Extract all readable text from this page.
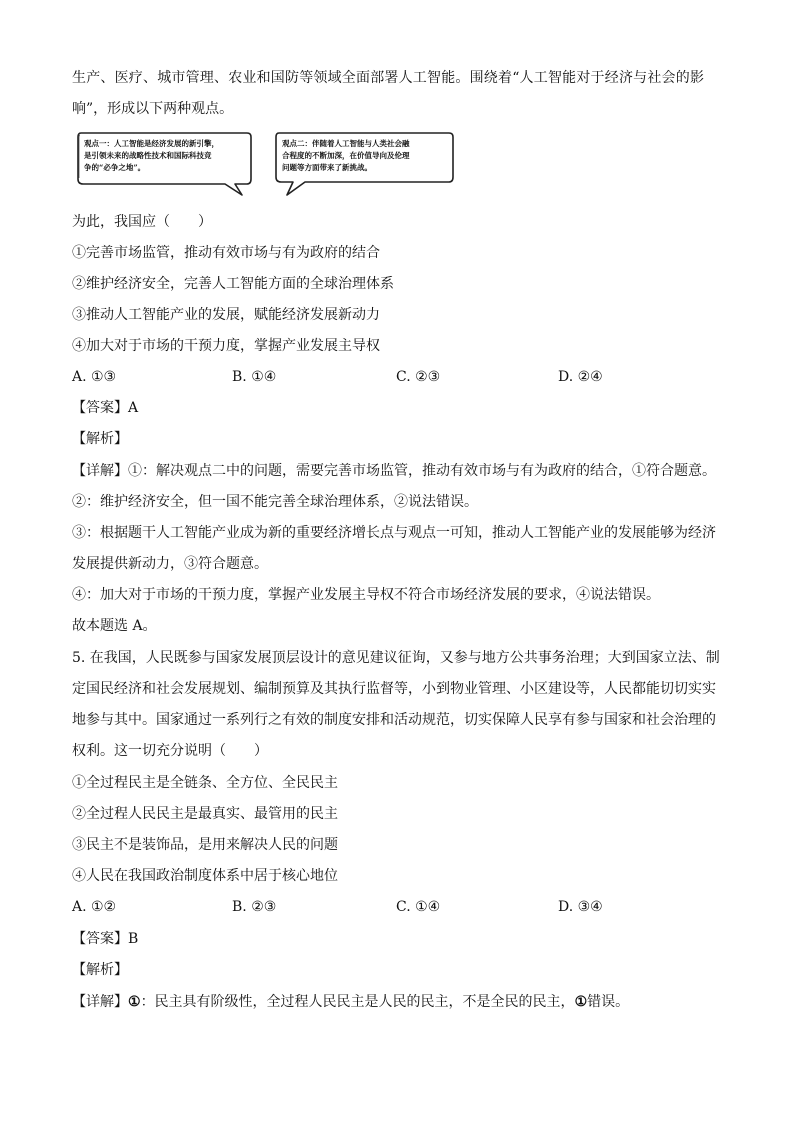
生产、医疗、城市管理、农业和国防等领域全面部署人工智能。围绕着“人工智能对于经济与社会的影
响”，形成以下两种观点。
观点一：人工智能是经济发展的新引擎，
是引领未来的战略性技术和国际科技竞
争的“必争之地”。
观点二：伴随着人工智能与人类社会融
合程度的不断加深，在价值导向及伦理
问题等方面带来了新挑战。
为此，我国应（　　）
①完善市场监管，推动有效市场与有为政府的结合
②维护经济安全，完善人工智能方面的全球治理体系
③推动人工智能产业的发展，赋能经济发展新动力
④加大对于市场的干预力度，掌握产业发展主导权
A. ①③	B. ①④	C. ②③	D. ②④
【答案】A
【解析】
【详解】①：解决观点二中的问题，需要完善市场监管，推动有效市场与有为政府的结合，①符合题意。
②：维护经济安全，但一国不能完善全球治理体系，②说法错误。
③：根据题干人工智能产业成为新的重要经济增长点与观点一可知，推动人工智能产业的发展能够为经济
发展提供新动力，③符合题意。
④：加大对于市场的干预力度，掌握产业发展主导权不符合市场经济发展的要求，④说法错误。
故本题选 A。
5. 在我国，人民既参与国家发展顶层设计的意见建议征询，又参与地方公共事务治理；大到国家立法、制
定国民经济和社会发展规划、编制预算及其执行监督等，小到物业管理、小区建设等，人民都能切切实实
地参与其中。国家通过一系列行之有效的制度安排和活动规范，切实保障人民享有参与国家和社会治理的
权利。这一切充分说明（　　）
①全过程民主是全链条、全方位、全民民主
②全过程人民民主是最真实、最管用的民主
③民主不是装饰品，是用来解决人民的问题
④人民在我国政治制度体系中居于核心地位
A. ①②	B. ②③	C. ①④	D. ③④
【答案】B
【解析】
【详解】①：民主具有阶级性，全过程人民民主是人民的民主，不是全民的民主，①错误。
